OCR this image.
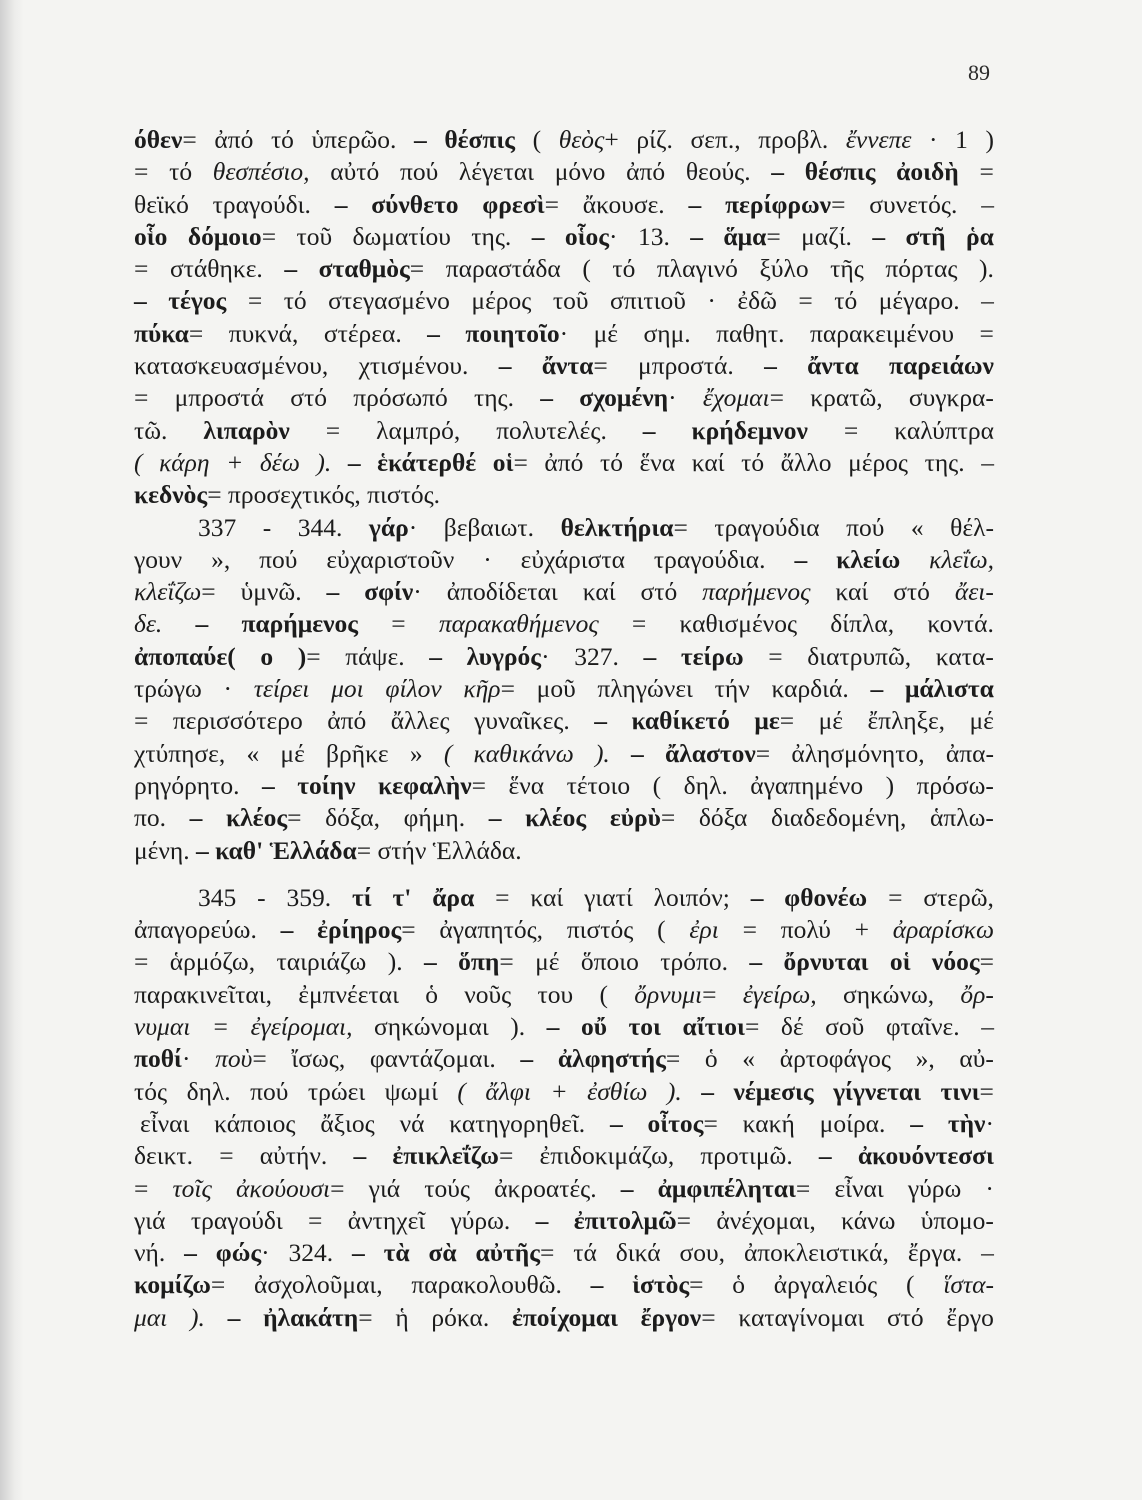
89
όθεν= ἀπό τό ὑπερῶο. – θέσπις ( θεὸς+ ρίζ. σεπ., προβλ. ἔννεπε · 1 )
= τό θεσπέσιο, αὐτό πού λέγεται μόνο ἀπό θεούς. – θέσπις ἀοιδὴ =
θεϊκό τραγούδι. – σύνθετο φρεσὶ= ἄκουσε. – περίφρων= συνετός. –
οἷο δόμοιο= τοῦ δωματίου της. – οἷος· 13. – ἅμα= μαζί. – στῆ ῥα
= στάθηκε. – σταθμὸς= παραστάδα ( τό πλαγινό ξύλο τῆς πόρτας ).
– τέγος = τό στεγασμένο μέρος τοῦ σπιτιοῦ · ἐδῶ = τό μέγαρο. –
πύκα= πυκνά, στέρεα. – ποιητοῖο· μέ σημ. παθητ. παρακειμένου =
κατασκευασμένου, χτισμένου. – ἄντα= μπροστά. – ἄντα παρειάων
= μπροστά στό πρόσωπό της. – σχομένη· ἔχομαι= κρατῶ, συγκρα-
τῶ. λιπαρὸν = λαμπρό, πολυτελές. – κρήδεμνον = καλύπτρα
( κάρη + δέω ). – ἑκάτερθέ οἱ= ἀπό τό ἕνα καί τό ἄλλο μέρος της. –
κεδνὸς= προσεχτικός, πιστός.
337 - 344. γάρ· βεβαιωτ. θελκτήρια= τραγούδια πού « θέλ-
γουν », πού εὐχαριστοῦν · εὐχάριστα τραγούδια. – κλείω κλεΐω,
κλεΐζω= ὑμνῶ. – σφίν· ἀποδίδεται καί στό παρήμενος καί στό ἄει-
δε. – παρήμενος = παρακαθήμενος = καθισμένος δίπλα, κοντά.
ἀποπαύε( ο )= πάψε. – λυγρός· 327. – τείρω = διατρυπῶ, κατα-
τρώγω · τείρει μοι φίλον κῆρ= μοῦ πληγώνει τήν καρδιά. – μάλιστα
= περισσότερο ἀπό ἄλλες γυναῖκες. – καθίκετό με= μέ ἔπληξε, μέ
χτύπησε, « μέ βρῆκε » ( καθικάνω ). – ἄλαστον= ἀλησμόνητο, ἀπα-
ρηγόρητο. – τοίην κεφαλὴν= ἕνα τέτοιο ( δηλ. ἀγαπημένο ) πρόσω-
πο. – κλέος= δόξα, φήμη. – κλέος εὐρὺ= δόξα διαδεδομένη, ἁπλω-
μένη. – καθ' Ἑλλάδα= στήν Ἑλλάδα.
345 - 359. τί τ' ἄρα = καί γιατί λοιπόν; – φθονέω = στερῶ,
ἀπαγορεύω. – ἐρίηρος= ἀγαπητός, πιστός ( ἐρι = πολύ + ἀραρίσκω
= ἁρμόζω, ταιριάζω ). – ὅπη= μέ ὅποιο τρόπο. – ὄρνυται οἱ νόος=
παρακινεῖται, ἐμπνέεται ὁ νοῦς του ( ὄρνυμι= ἐγείρω, σηκώνω, ὄρ-
νυμαι = ἐγείρομαι, σηκώνομαι ). – οὔ τοι αἴτιοι= δέ σοῦ φταῖνε. –
ποθί· ποὺ= ἴσως, φαντάζομαι. – ἀλφηστής= ὁ « ἀρτοφάγος », αὐ-
τός δηλ. πού τρώει ψωμί ( ἄλφι + ἐσθίω ). – νέμεσις γίγνεται τινι=
εἶναι κάποιος ἄξιος νά κατηγορηθεῖ. – οἶτος= κακή μοίρα. – τὴν·
δεικτ. = αὐτήν. – ἐπικλεΐζω= ἐπιδοκιμάζω, προτιμῶ. – ἀκουόντεσσι
= τοῖς ἀκούουσι= γιά τούς ἀκροατές. – ἀμφιπέληται= εἶναι γύρω ·
γιά τραγούδι = ἀντηχεῖ γύρω. – ἐπιτολμῶ= ἀνέχομαι, κάνω ὑπομο-
νή. – φώς· 324. – τὰ σὰ αὐτῆς= τά δικά σου, ἀποκλειστικά, ἔργα. –
κομίζω= ἀσχολοῦμαι, παρακολουθῶ. – ἱστὸς= ὁ ἀργαλειός ( ἵστα-
μαι ). – ἠλακάτη= ἡ ρόκα. ἐποίχομαι ἔργον= καταγίνομαι στό ἔργο
